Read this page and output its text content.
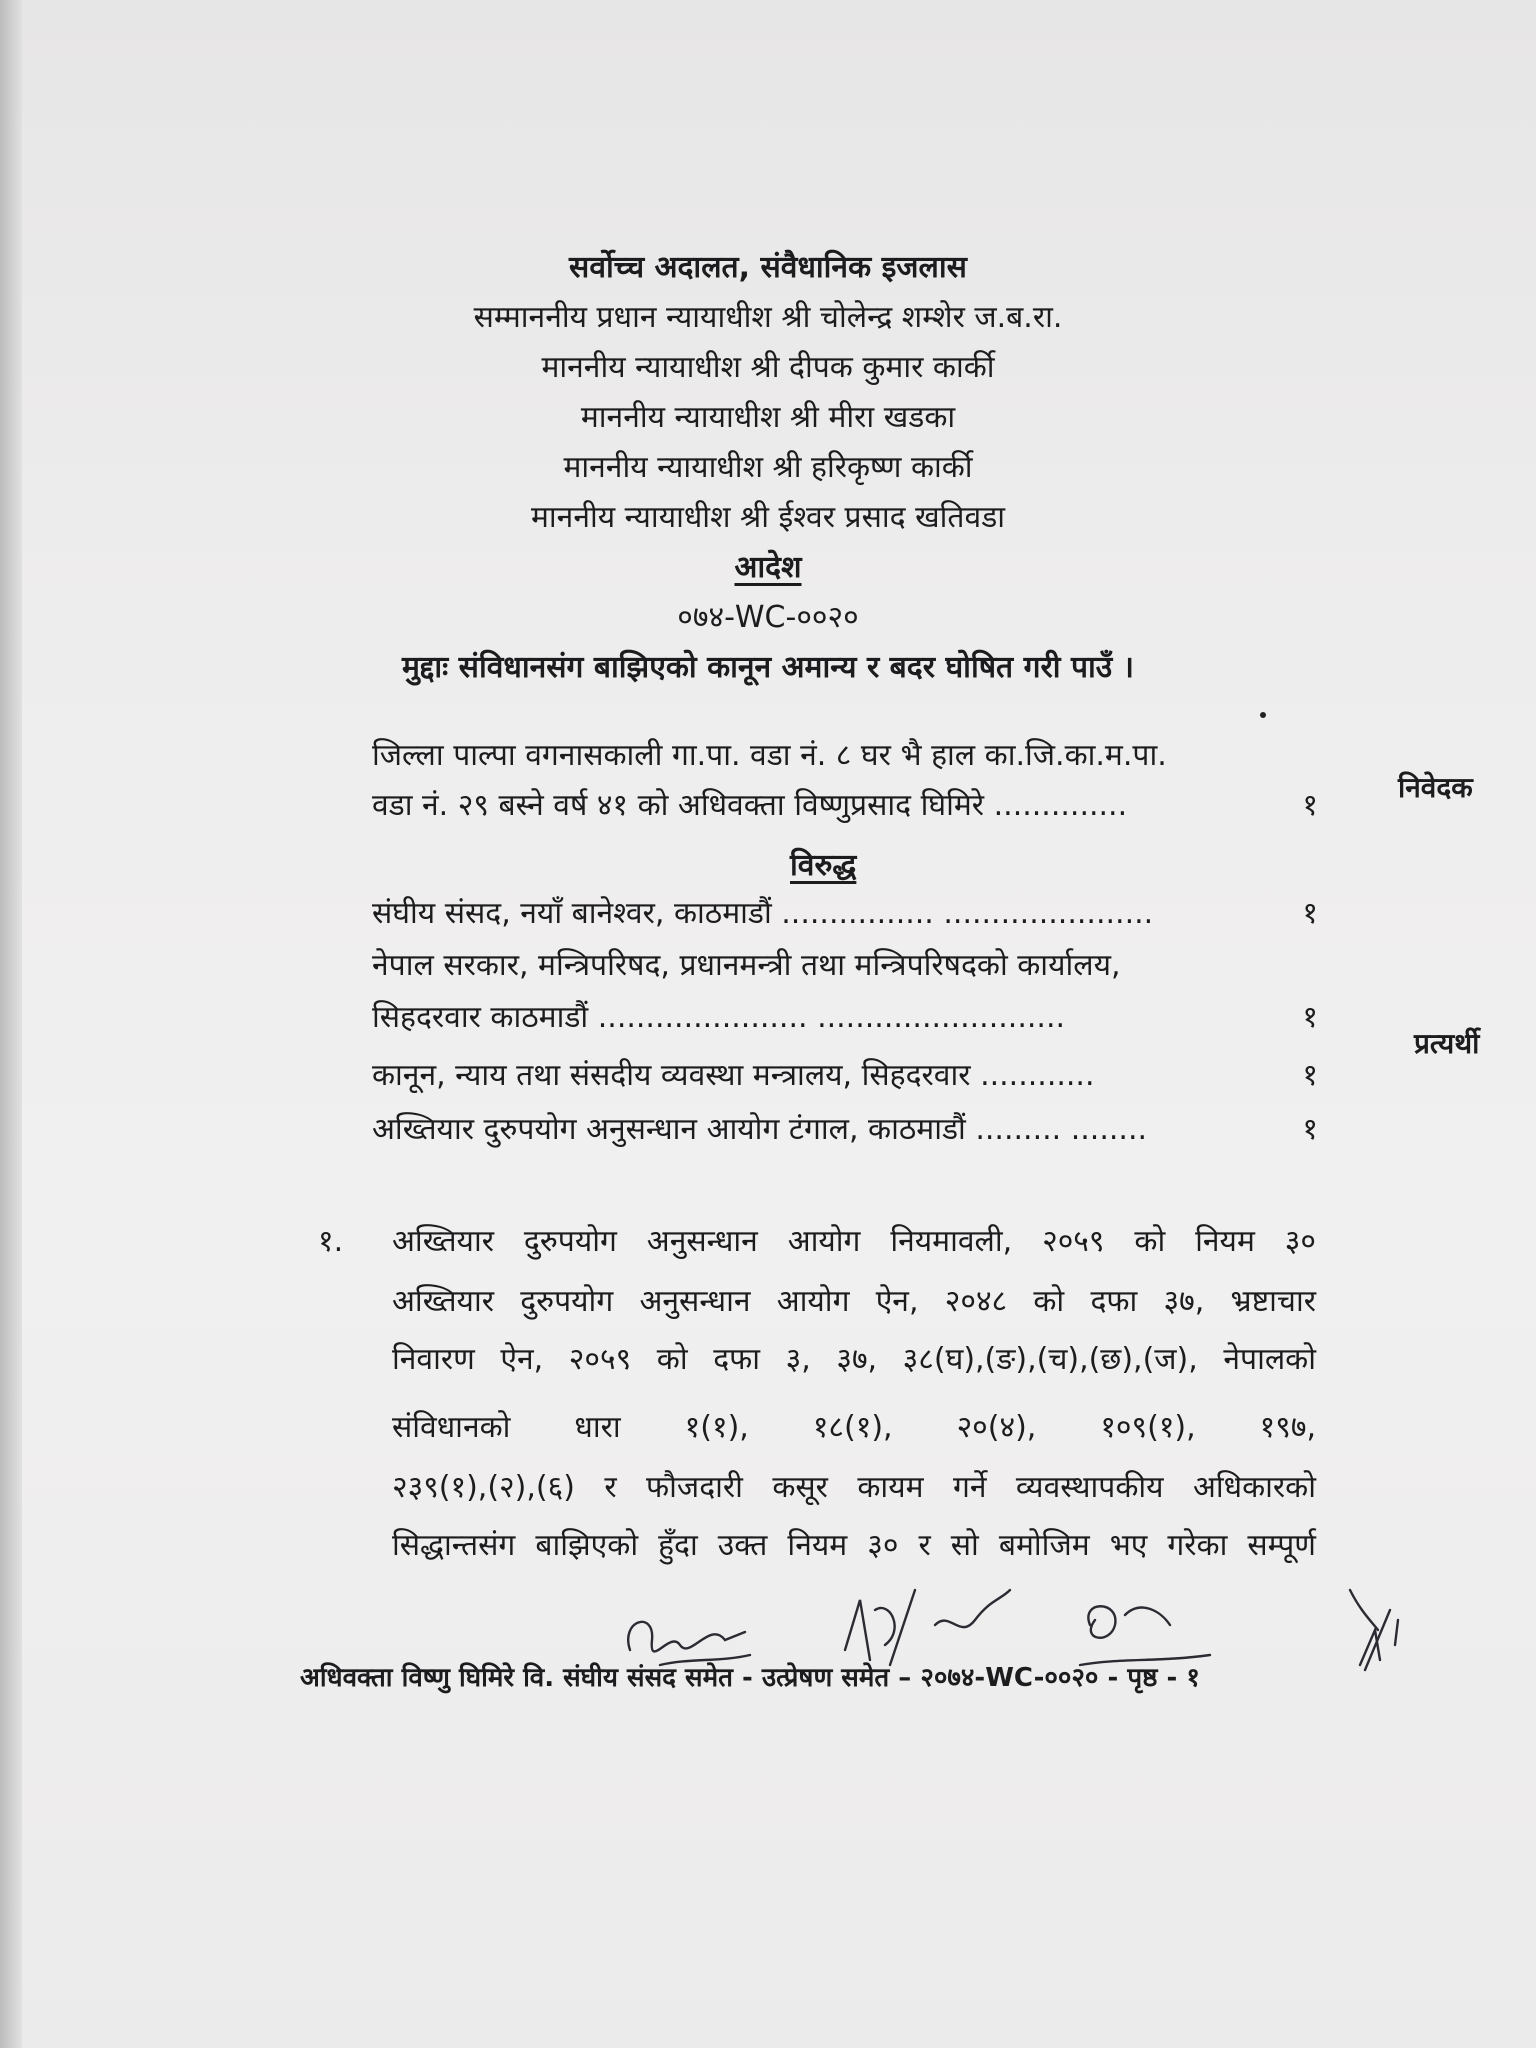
सर्वोच्च अदालत, संवैधानिक इजलास
सम्माननीय प्रधान न्यायाधीश श्री चोलेन्द्र शम्शेर ज.ब.रा.
माननीय न्यायाधीश श्री दीपक कुमार कार्की
माननीय न्यायाधीश श्री मीरा खडका
माननीय न्यायाधीश श्री हरिकृष्ण कार्की
माननीय न्यायाधीश श्री ईश्वर प्रसाद खतिवडा
आदेश
०७४-WC-००२०
मुद्दाः संविधानसंग बाझिएको कानून अमान्य र बदर घोषित गरी पाउँ ।
जिल्ला पाल्पा वगनासकाली गा.पा. वडा नं. ८ घर भै हाल का.जि.का.म.पा.
वडा नं. २९ बस्ने वर्ष ४१ को अधिवक्ता विष्णुप्रसाद घिमिरे ..............	१
निवेदक
विरुद्ध
संघीय संसद, नयाँ बानेश्वर, काठमाडौं ................ ......................	१
नेपाल सरकार, मन्त्रिपरिषद, प्रधानमन्त्री तथा मन्त्रिपरिषदको कार्यालय,
सिहदरवार काठमाडौं ...................... ..........................	१
कानून, न्याय तथा संसदीय व्यवस्था मन्त्रालय, सिहदरवार ............	१
अख्तियार दुरुपयोग अनुसन्धान आयोग टंगाल, काठमाडौं ......... ........	१
प्रत्यर्थी
१. अख्तियार दुरुपयोग अनुसन्धान आयोग नियमावली, २०५९ को नियम ३०
अख्तियार दुरुपयोग अनुसन्धान आयोग ऐन, २०४८ को दफा ३७, भ्रष्टाचार
निवारण ऐन, २०५९ को दफा ३, ३७, ३८(घ),(ङ),(च),(छ),(ज), नेपालको
संविधानको धारा १(१), १८(१), २०(४), १०९(१), १९७,
२३९(१),(२),(६) र फौजदारी कसूर कायम गर्ने व्यवस्थापकीय अधिकारको
सिद्धान्तसंग बाझिएको हुँदा उक्त नियम ३० र सो बमोजिम भए गरेका सम्पूर्ण
अधिवक्ता विष्णु घिमिरे वि. संघीय संसद समेत - उत्प्रेषण समेत – २०७४-WC-००२० - पृष्ठ - १
